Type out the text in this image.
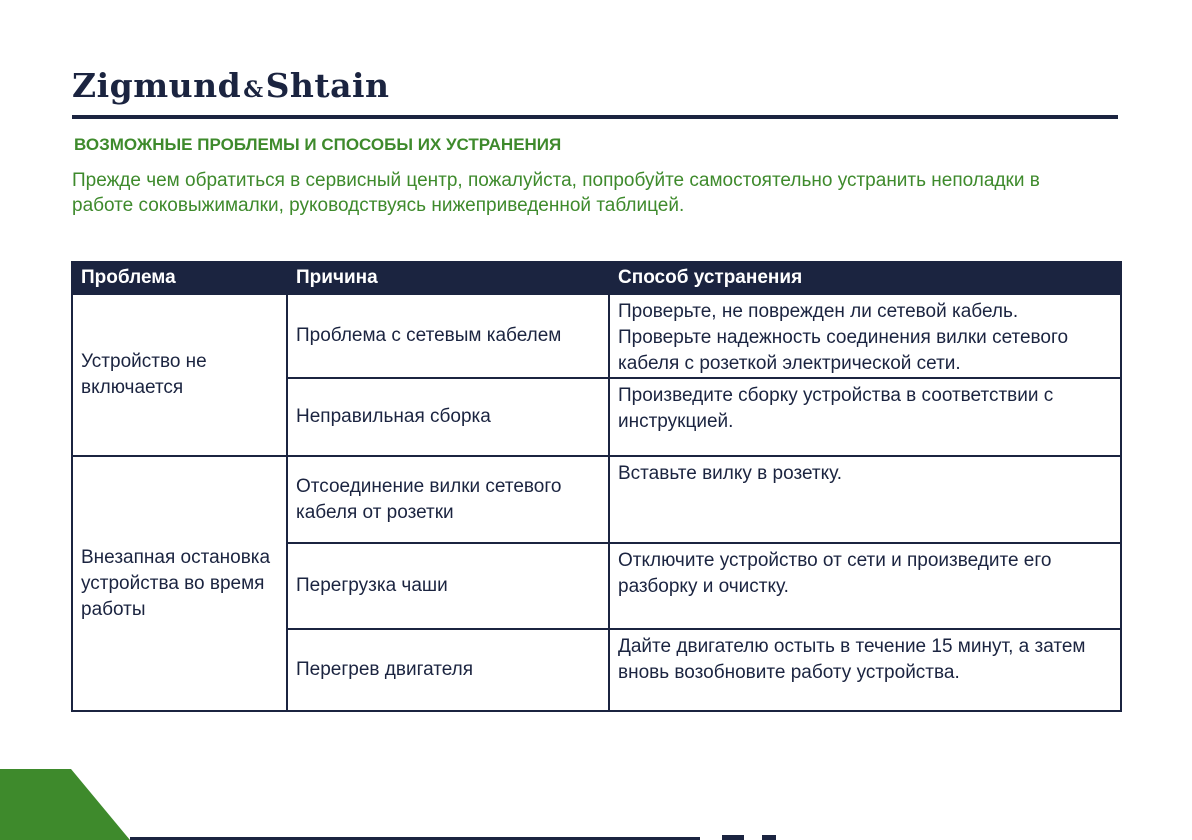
Zigmund&Shtain
ВОЗМОЖНЫЕ ПРОБЛЕМЫ И СПОСОБЫ ИХ УСТРАНЕНИЯ
Прежде чем обратиться в сервисный центр, пожалуйста, попробуйте самостоятельно устранить неполадки в работе соковыжималки, руководствуясь нижеприведенной таблицей.
Проблема	Причина	Способ устранения
Устройство не включается	Проблема с сетевым кабелем	Проверьте, не поврежден ли сетевой кабель. Проверьте надежность соединения вилки сетевого кабеля с розеткой электрической сети.
	Неправильная сборка	Произведите сборку устройства в соответствии с инструкцией.
Внезапная остановка устройства во время работы	Отсоединение вилки сетевого кабеля от розетки	Вставьте вилку в розетку.
	Перегрузка чаши	Отключите устройство от сети и произведите его разборку и очистку.
	Перегрев двигателя	Дайте двигателю остыть в течение 15 минут, а затем вновь возобновите работу устройства.
